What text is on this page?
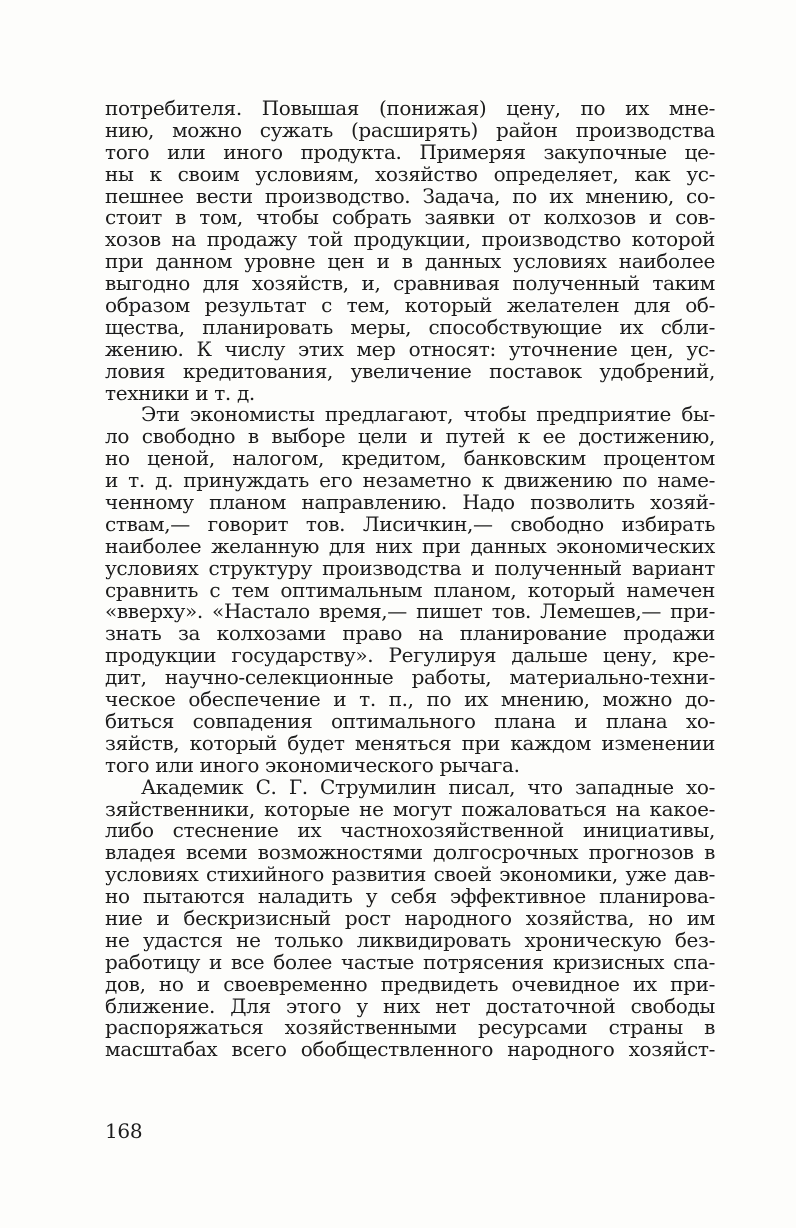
потребителя. Повышая (понижая) цену, по их мне-
нию, можно сужать (расширять) район производства
того или иного продукта. Примеряя закупочные це-
ны к своим условиям, хозяйство определяет, как ус-
пешнее вести производство. Задача, по их мнению, со-
стоит в том, чтобы собрать заявки от колхозов и сов-
хозов на продажу той продукции, производство которой
при данном уровне цен и в данных условиях наиболее
выгодно для хозяйств, и, сравнивая полученный таким
образом результат с тем, который желателен для об-
щества, планировать меры, способствующие их сбли-
жению. К числу этих мер относят: уточнение цен, ус-
ловия кредитования, увеличение поставок удобрений,
техники и т. д.
Эти экономисты предлагают, чтобы предприятие бы-
ло свободно в выборе цели и путей к ее достижению,
но ценой, налогом, кредитом, банковским процентом
и т. д. принуждать его незаметно к движению по наме-
ченному планом направлению. Надо позволить хозяй-
ствам,— говорит тов. Лисичкин,— свободно избирать
наиболее желанную для них при данных экономических
условиях структуру производства и полученный вариант
сравнить с тем оптимальным планом, который намечен
«вверху». «Настало время,— пишет тов. Лемешев,— при-
знать за колхозами право на планирование продажи
продукции государству». Регулируя дальше цену, кре-
дит, научно-селекционные работы, материально-техни-
ческое обеспечение и т. п., по их мнению, можно до-
биться совпадения оптимального плана и плана хо-
зяйств, который будет меняться при каждом изменении
того или иного экономического рычага.
Академик С. Г. Струмилин писал, что западные хо-
зяйственники, которые не могут пожаловаться на какое-
либо стеснение их частнохозяйственной инициативы,
владея всеми возможностями долгосрочных прогнозов в
условиях стихийного развития своей экономики, уже дав-
но пытаются наладить у себя эффективное планирова-
ние и бескризисный рост народного хозяйства, но им
не удастся не только ликвидировать хроническую без-
работицу и все более частые потрясения кризисных спа-
дов, но и своевременно предвидеть очевидное их при-
ближение. Для этого у них нет достаточной свободы
распоряжаться хозяйственными ресурсами страны в
масштабах всего обобществленного народного хозяйст-
168
